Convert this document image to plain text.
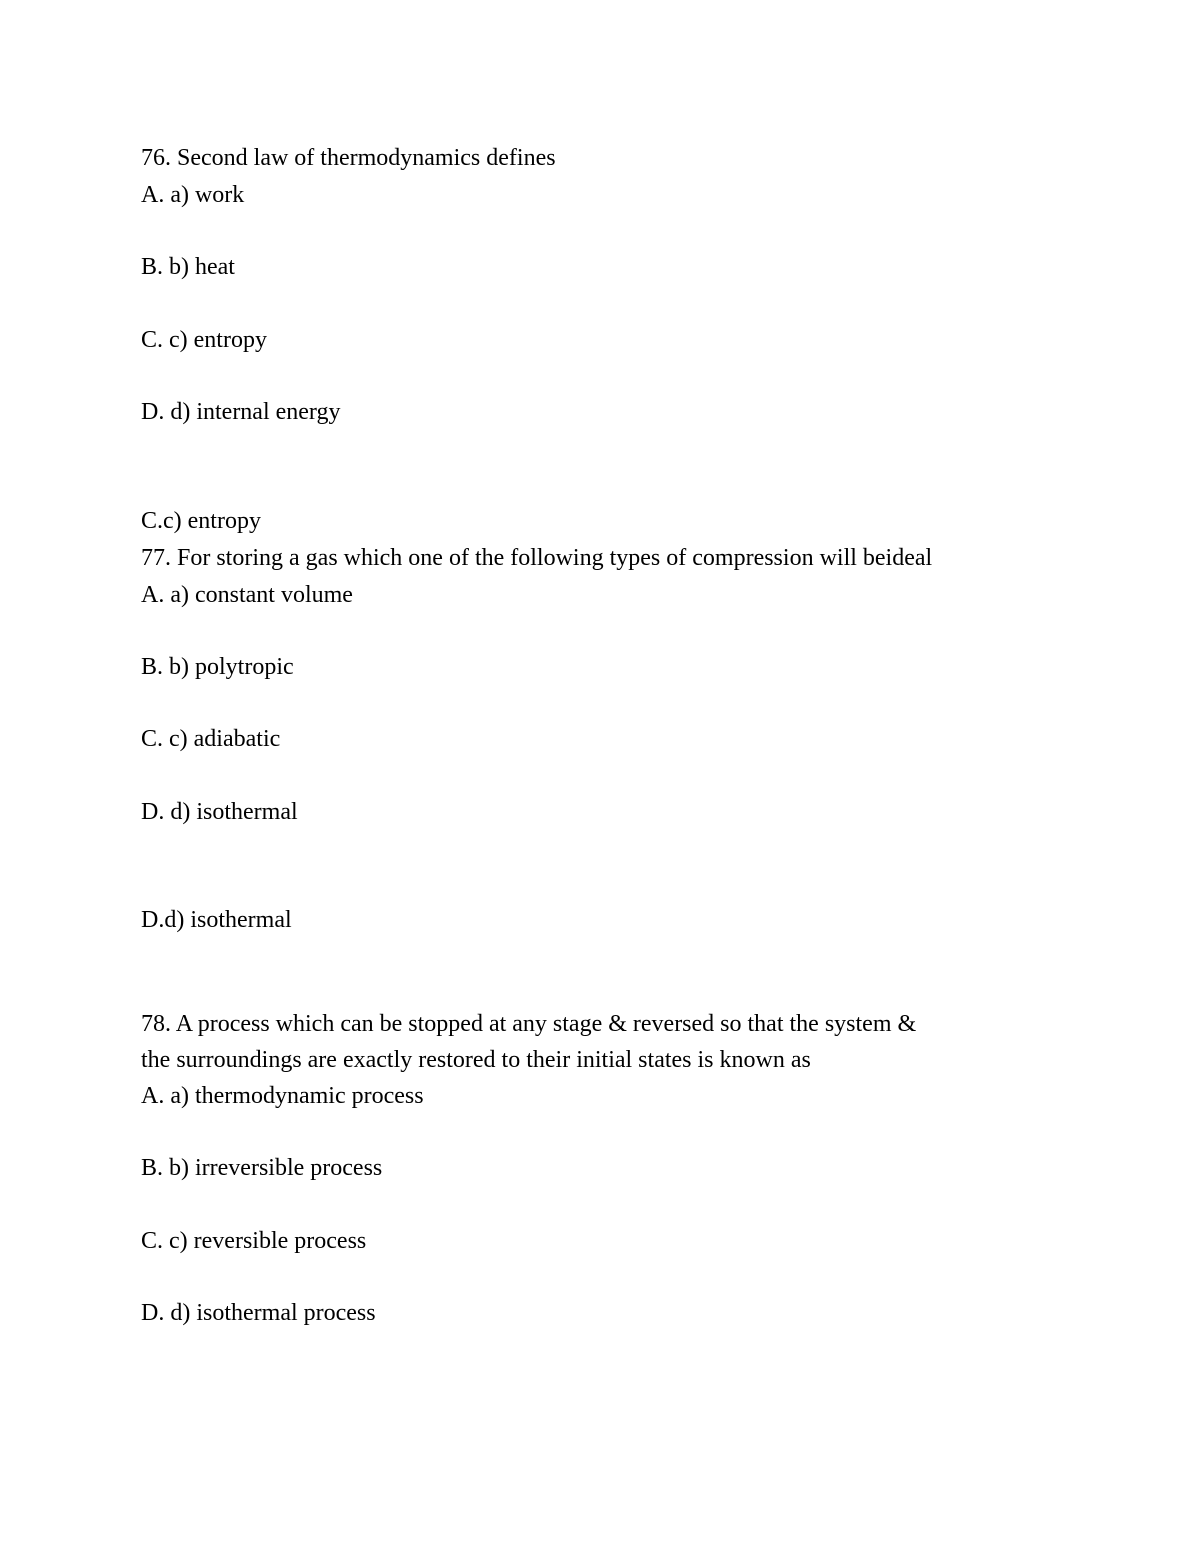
76. Second law of thermodynamics defines
A. a) work
B. b) heat
C. c) entropy
D. d) internal energy
C.c) entropy
77. For storing a gas which one of the following types of compression will beideal
A. a) constant volume
B. b) polytropic
C. c) adiabatic
D. d) isothermal
D.d) isothermal
78. A process which can be stopped at any stage & reversed so that the system &
the surroundings are exactly restored to their initial states is known as
A. a) thermodynamic process
B. b) irreversible process
C. c) reversible process
D. d) isothermal process
